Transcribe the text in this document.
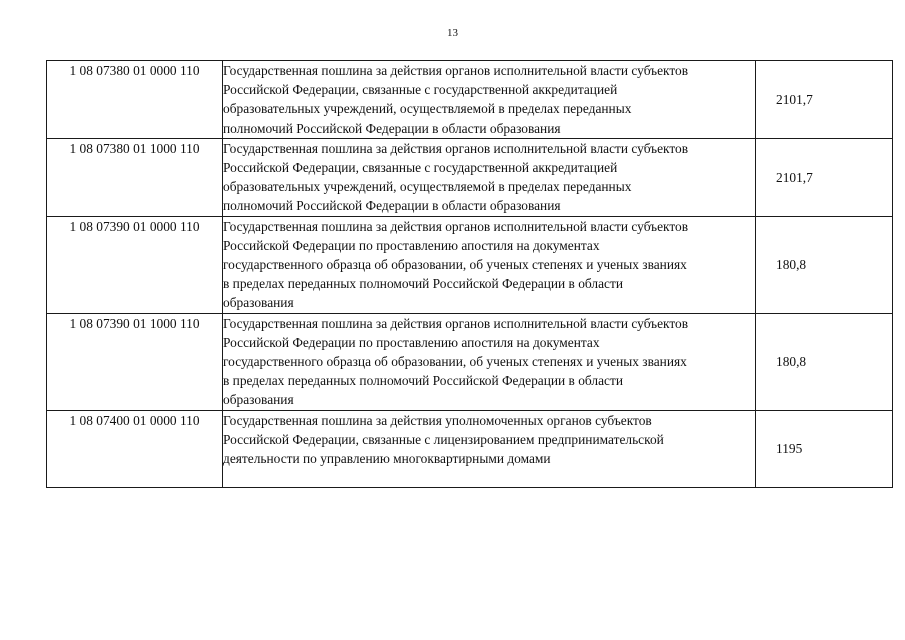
13
1 08 07380 01 0000 110	Государственная пошлина за действия органов исполнительной власти субъектов
Российской Федерации, связанные с государственной аккредитацией
образовательных учреждений, осуществляемой в пределах переданных
полномочий Российской Федерации в области образования	2101,7
1 08 07380 01 1000 110	Государственная пошлина за действия органов исполнительной власти субъектов
Российской Федерации, связанные с государственной аккредитацией
образовательных учреждений, осуществляемой в пределах переданных
полномочий Российской Федерации в области образования	2101,7
1 08 07390 01 0000 110	Государственная пошлина за действия органов исполнительной власти субъектов
Российской Федерации по проставлению апостиля на документах
государственного образца об образовании, об ученых степенях и ученых званиях
в пределах переданных полномочий Российской Федерации в области
образования	180,8
1 08 07390 01 1000 110	Государственная пошлина за действия органов исполнительной власти субъектов
Российской Федерации по проставлению апостиля на документах
государственного образца об образовании, об ученых степенях и ученых званиях
в пределах переданных полномочий Российской Федерации в области
образования	180,8
1 08 07400 01 0000 110	Государственная пошлина за действия уполномоченных органов субъектов
Российской Федерации, связанные с лицензированием предпринимательской
деятельности по управлению многоквартирными домами	1195
